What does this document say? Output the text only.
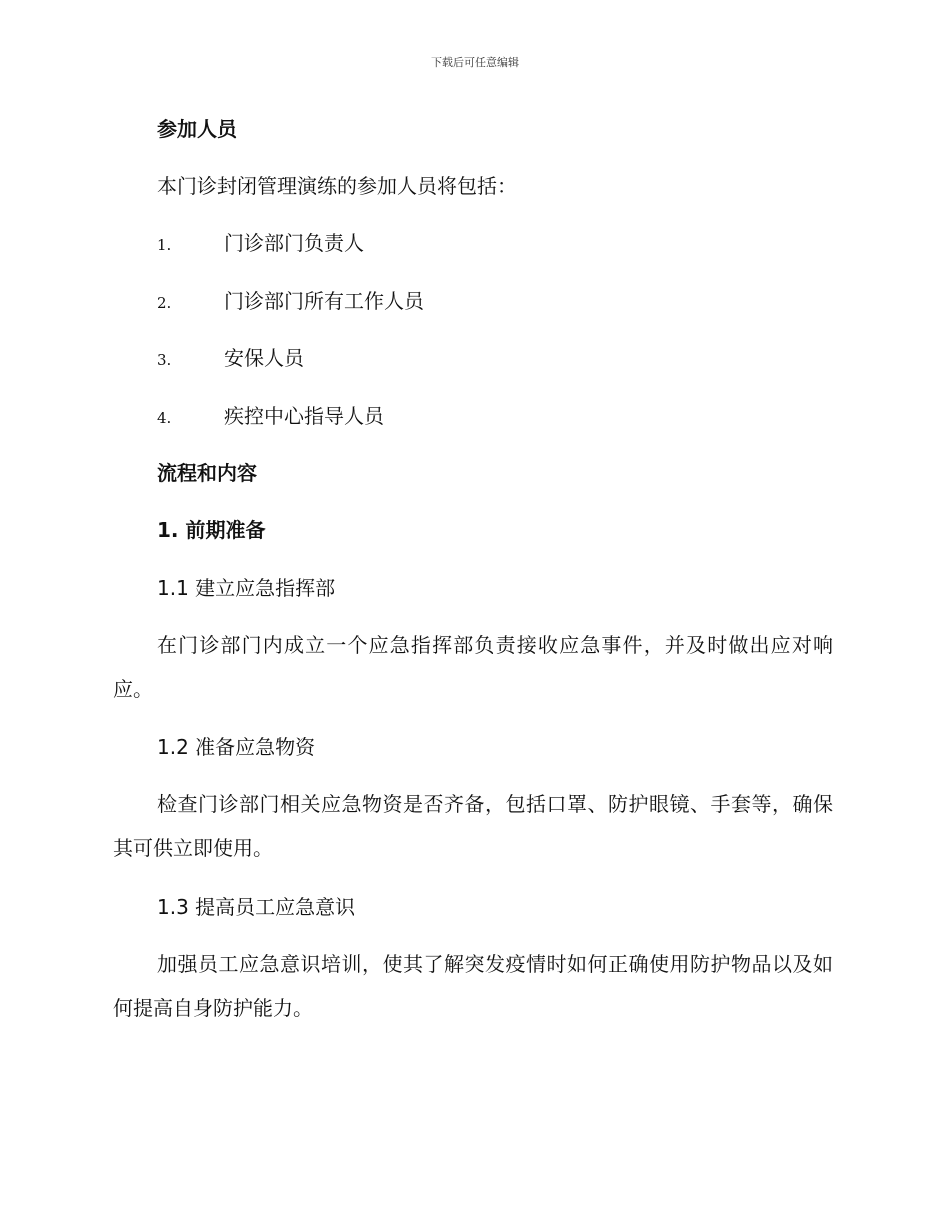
下载后可任意编辑
参加人员
本门诊封闭管理演练的参加人员将包括：
1.	门诊部门负责人
2.	门诊部门所有工作人员
3.	安保人员
4.	疾控中心指导人员
流程和内容
1. 前期准备
1.1 建立应急指挥部
在门诊部门内成立一个应急指挥部负责接收应急事件，并及时做出应对响应。
1.2 准备应急物资
检查门诊部门相关应急物资是否齐备，包括口罩、防护眼镜、手套等，确保其可供立即使用。
1.3 提高员工应急意识
加强员工应急意识培训，使其了解突发疫情时如何正确使用防护物品以及如何提高自身防护能力。
